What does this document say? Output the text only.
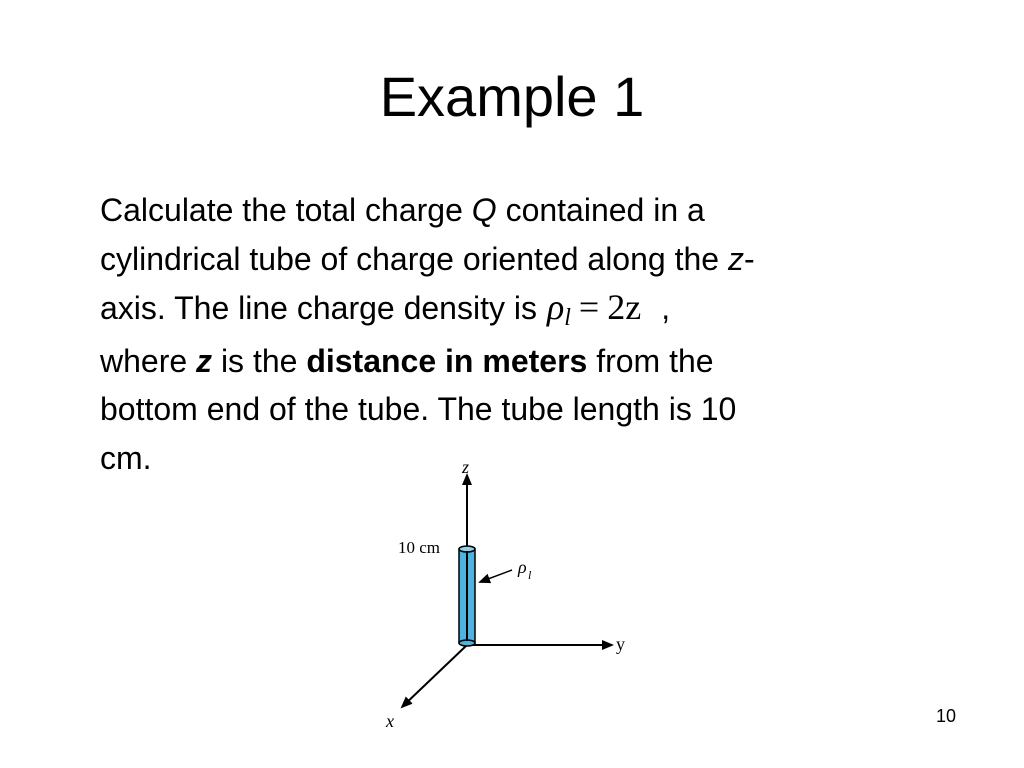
Example 1
Calculate the total charge Q contained in a
cylindrical tube of charge oriented along the z-
axis. The line charge density is ρl = 2z ,
where z is the distance in meters from the
bottom end of the tube. The tube length is 10
cm.	z
y
x
10 cm
ρ l
10
